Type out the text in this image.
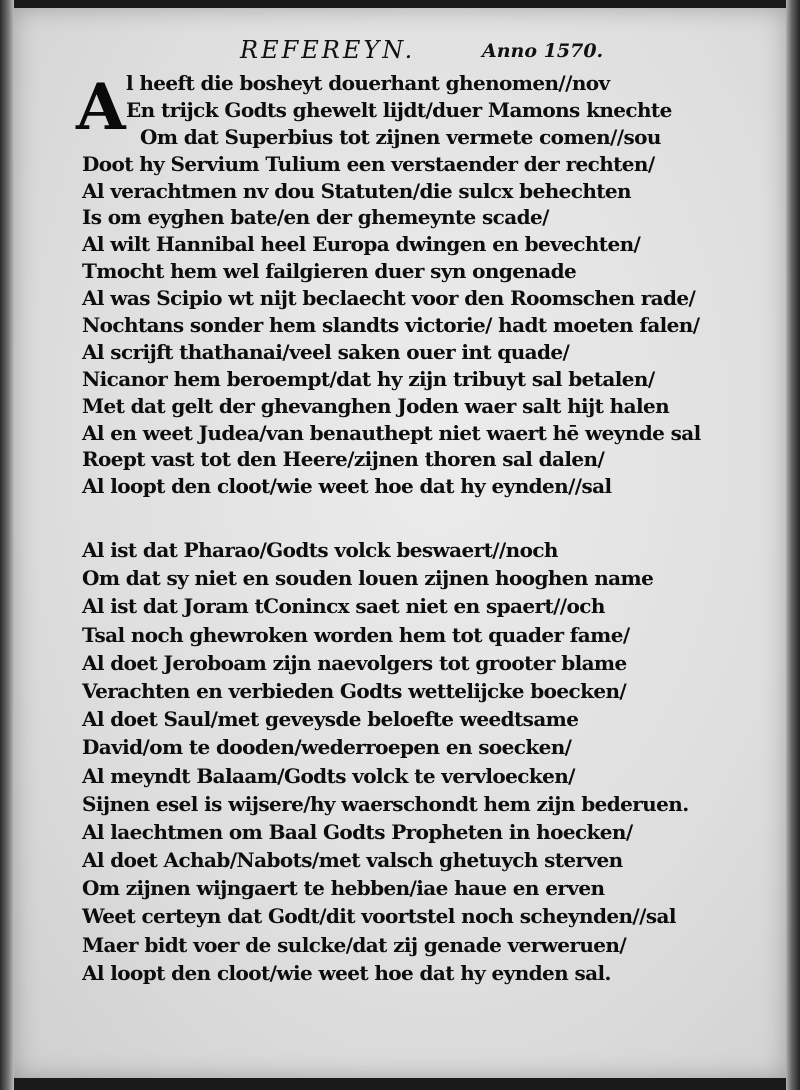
REFEREYN.	Anno 1570.
A l heeft die bosheyt douerhant ghenomen//nov
En trijck Godts ghewelt lijdt/duer Mamons knechte
Om dat Superbius tot zijnen vermete comen//sou
Doot hy Servium Tulium een verstaender der rechten/
Al verachtmen nv dou Statuten/die sulcx behechten
Is om eyghen bate/en der ghemeynte scade/
Al wilt Hannibal heel Europa dwingen en bevechten/
Tmocht hem wel failgieren duer syn ongenade
Al was Scipio wt nijt beclaecht voor den Roomschen rade/
Nochtans sonder hem slandts victorie/ hadt moeten falen/
Al scrijft thathanai/veel saken ouer int quade/
Nicanor hem beroempt/dat hy zijn tribuyt sal betalen/
Met dat gelt der ghevanghen Joden waer salt hijt halen
Al en weet Judea/van benauthept niet waert hē weynde sal
Roept vast tot den Heere/zijnen thoren sal dalen/
Al loopt den cloot/wie weet hoe dat hy eynden//sal
Al ist dat Pharao/Godts volck beswaert//noch
Om dat sy niet en souden louen zijnen hooghen name
Al ist dat Joram tConincx saet niet en spaert//och
Tsal noch ghewroken worden hem tot quader fame/
Al doet Jeroboam zijn naevolgers tot grooter blame
Verachten en verbieden Godts wettelijcke boecken/
Al doet Saul/met geveysde beloefte weedtsame
David/om te dooden/wederroepen en soecken/
Al meyndt Balaam/Godts volck te vervloecken/
Sijnen esel is wijsere/hy waerschondt hem zijn bederuen.
Al laechtmen om Baal Godts Propheten in hoecken/
Al doet Achab/Nabots/met valsch ghetuych sterven
Om zijnen wijngaert te hebben/iae haue en erven
Weet certeyn dat Godt/dit voortstel noch scheynden//sal
Maer bidt voer de sulcke/dat zij genade verweruen/
Al loopt den cloot/wie weet hoe dat hy eynden sal.
